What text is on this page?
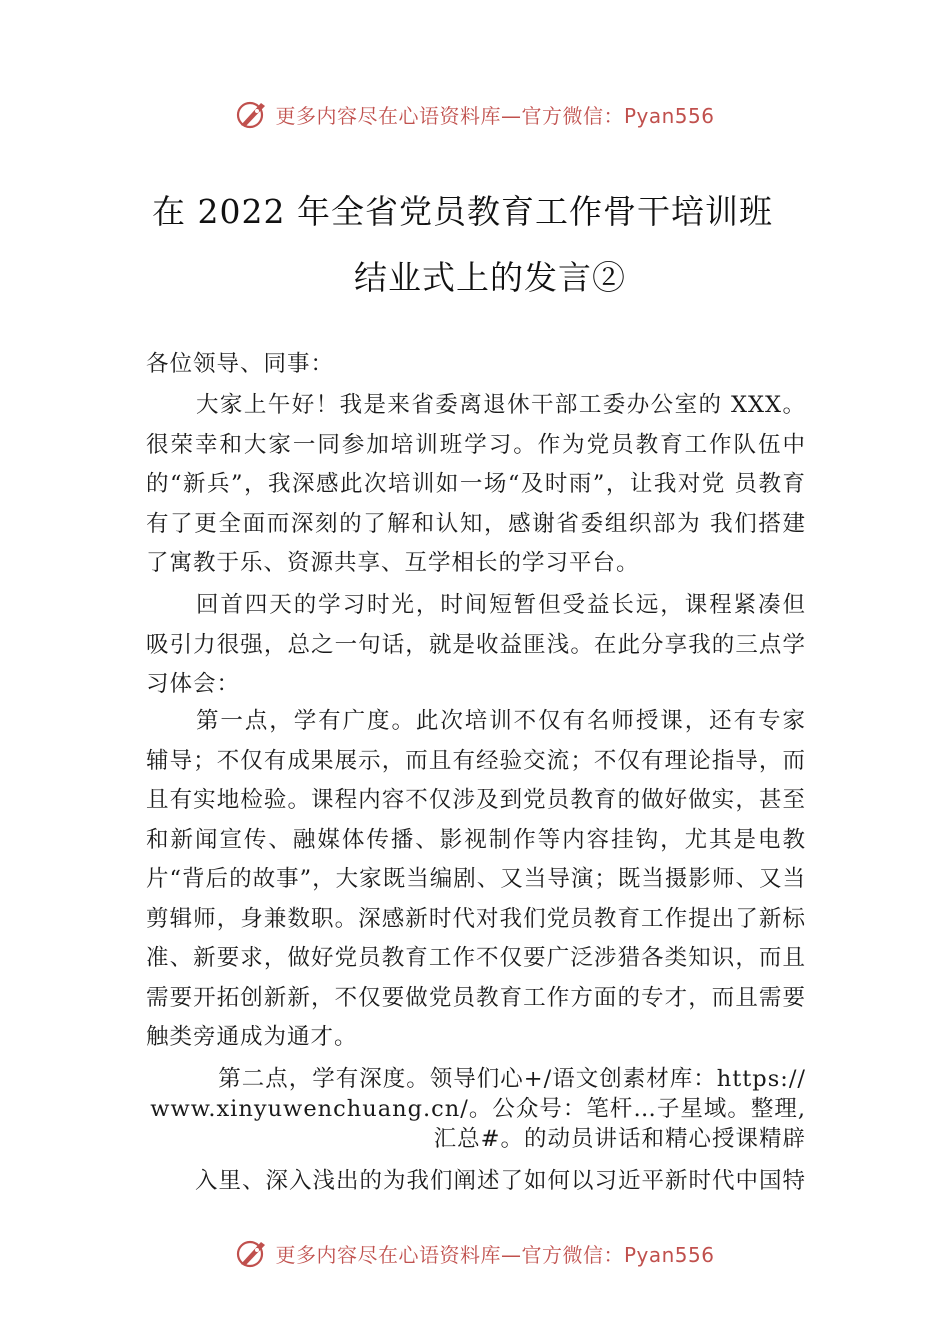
更多内容尽在心语资料库—官方微信：Pyan556
在 2022 年全省党员教育工作骨干培训班
结业式上的发言②

各位领导、同事：

大家上午好！我是来省委离退休干部工委办公室的 XXX。很荣幸和大家一同参加培训班学习。作为党员教育工作队伍中的“新兵”，我深感此次培训如一场“及时雨”，让我对党 员教育有了更全面而深刻的了解和认知，感谢省委组织部为 我们搭建了寓教于乐、资源共享、互学相长的学习平台。

回首四天的学习时光，时间短暂但受益长远，课程紧凑但吸引力很强，总之一句话，就是收益匪浅。在此分享我的三点学习体会：

第一点，学有广度。此次培训不仅有名师授课，还有专家辅导；不仅有成果展示，而且有经验交流；不仅有理论指导，而且有实地检验。课程内容不仅涉及到党员教育的做好做实，甚至和新闻宣传、融媒体传播、影视制作等内容挂钩，尤其是电教片“背后的故事”，大家既当编剧、又当导演；既当摄影师、又当剪辑师，身兼数职。深感新时代对我们党员教育工作提出了新标准、新要求，做好党员教育工作不仅要广泛涉猎各类知识，而且需要开拓创新新，不仅要做党员教育工作方面的专才，而且需要触类旁通成为通才。

第二点，学有深度。领导们心+/语文创素材库：https://
www.xinyuwenchuang.cn/。公众号：笔杆…子星域。整理,
汇总#。的动员讲话和精心授课精辟
入里、深入浅出的为我们阐述了如何以习近平新时代中国特
更多内容尽在心语资料库—官方微信：Pyan556
